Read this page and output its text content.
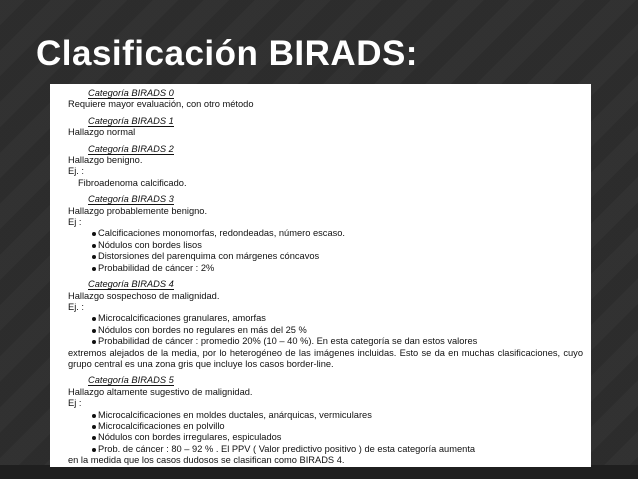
Clasificación BIRADS:
Categoría BIRADS 0
Requiere mayor evaluación, con otro método
Categoría BIRADS 1
Hallazgo normal
Categoría BIRADS 2
Hallazgo benigno.
Ej. :
Fibroadenoma calcificado.
Categoría BIRADS 3
Hallazgo probablemente benigno.
Ej :
Calcificaciones monomorfas, redondeadas, número escaso.
Nódulos con bordes lisos
Distorsiones del parenquima con márgenes cóncavos
Probabilidad de cáncer : 2%
Categoría BIRADS 4
Hallazgo sospechoso de malignidad.
Ej. :
Microcalcificaciones granulares, amorfas
Nódulos con bordes no regulares en más del 25 %
Probabilidad de cáncer : promedio 20% (10 – 40 %). En esta categoría se dan estos valores
extremos alejados de la media, por lo heterogéneo de las imágenes incluidas. Esto se da en muchas clasificaciones, cuyo grupo central es una zona gris que incluye los casos border-line.
Categoría BIRADS 5
Hallazgo altamente sugestivo de malignidad.
Ej :
Microcalcificaciones en moldes ductales, anárquicas, vermiculares
Microcalcificaciones en polvillo
Nódulos con bordes irregulares, espiculados
Prob. de cáncer : 80 – 92 % . El PPV ( Valor predictivo positivo ) de esta categoría aumenta
en la medida que los casos dudosos se clasifican como BIRADS 4.
